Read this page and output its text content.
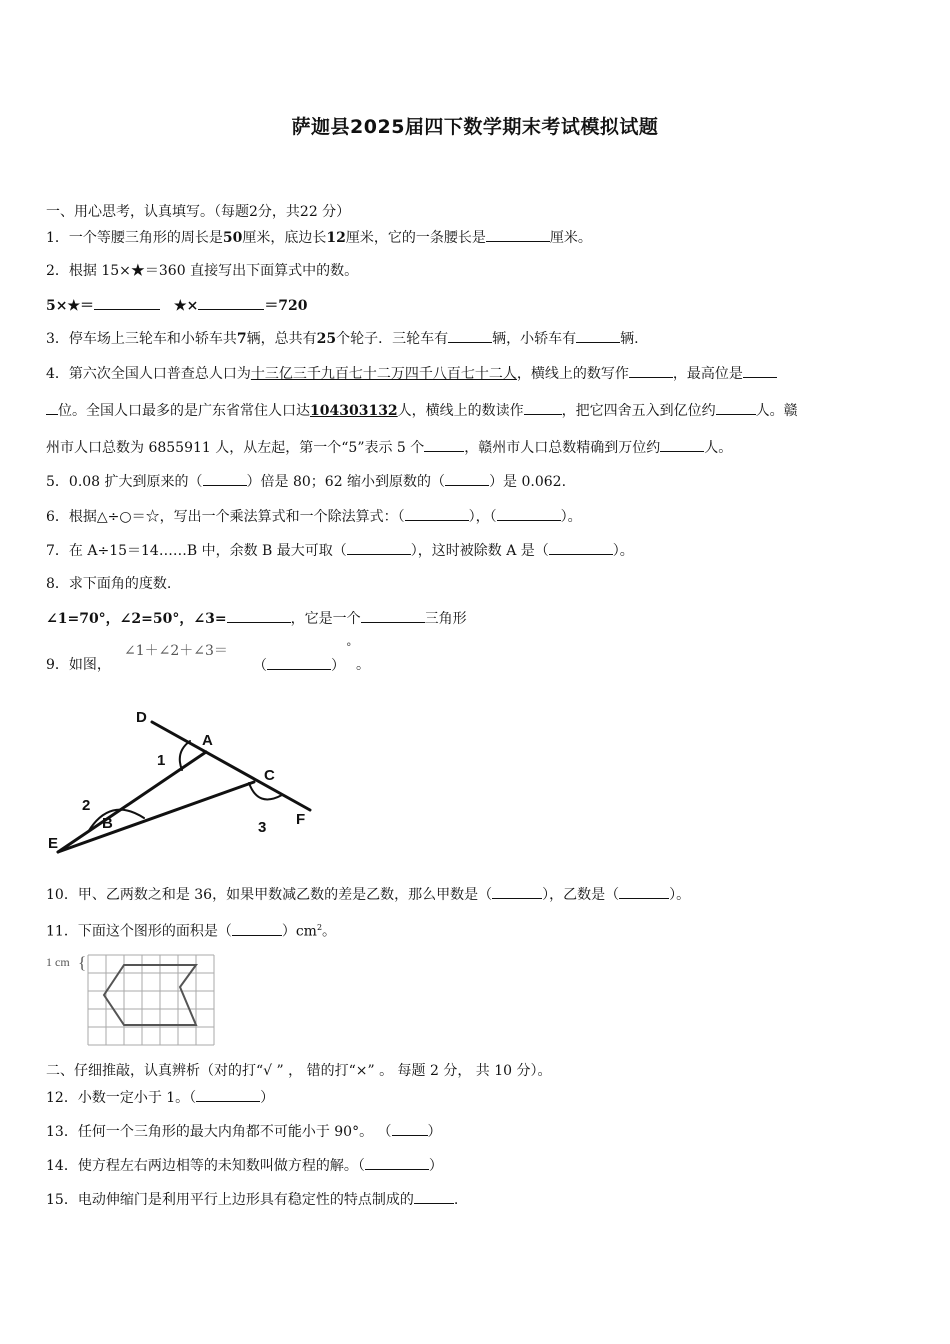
萨迦县2025届四下数学期末考试模拟试题
一、用心思考，认真填写。（每题2分，共22 分）
1．一个等腰三角形的周长是50厘米，底边长12厘米，它的一条腰长是	厘米。
2．根据 15×★＝360 直接写出下面算式中的数。
5×★＝	★×	＝720
3．停车场上三轮车和小轿车共7辆，总共有25个轮子．三轮车有	辆，小轿车有	辆.
4．第六次全国人口普查总人口为十三亿三千九百七十二万四千八百七十二人，横线上的数写作	，最高位是
位。全国人口最多的是广东省常住人口达104303132人，横线上的数读作	，把它四舍五入到亿位约	人。赣
州市人口总数为 6855911 人，从左起，第一个“5”表示 5 个	，赣州市人口总数精确到万位约	人。
5．0.08 扩大到原来的（	）倍是 80；62 缩小到原数的（	）是 0.062.
6．根据△÷○＝☆，写出一个乘法算式和一个除法算式：（	），（	）。
7．在 A÷15＝14……B 中，余数 B 最大可取（	），这时被除数 A 是（	）。
8．求下面角的度数.
∠1=70°，∠2=50°，∠3=	，它是一个	三角形
9．如图，
∠1＋∠2＋∠3＝
（	）
°
。
D
A
1
C
2
B	3 F
E
10．甲、乙两数之和是 36，如果甲数减乙数的差是乙数，那么甲数是（	），乙数是（	）。
11．下面这个图形的面积是（	）$cm^2$。
1 cm {
二、仔细推敲，认真辨析（对的打“√ ” ， 错的打“×” 。 每题 2 分， 共 10 分）。
12．小数一定小于 1。（	）
13．任何一个三角形的最大内角都不可能小于 90°。 （	）
14．使方程左右两边相等的未知数叫做方程的解。（	）
15．电动伸缩门是利用平行上边形具有稳定性的特点制成的	.
